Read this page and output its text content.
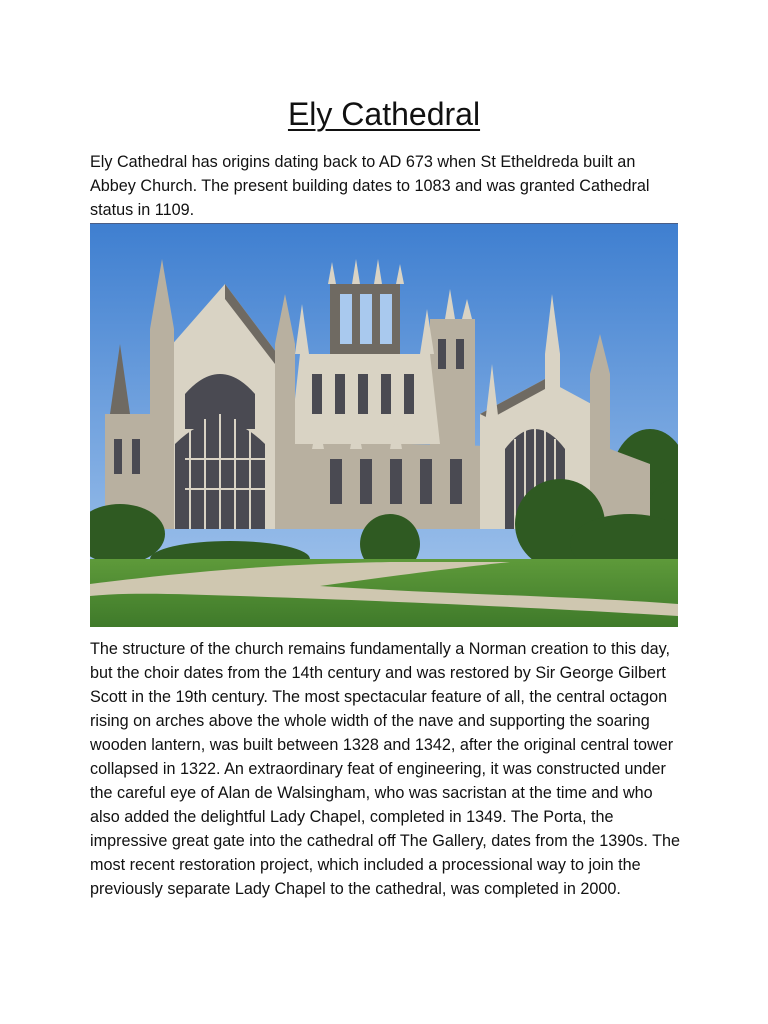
Ely Cathedral

Ely Cathedral has origins dating back to AD 673 when St Etheldreda built an Abbey Church. The present building dates to 1083 and was granted Cathedral status in 1109.

The structure of the church remains fundamentally a Norman creation to this day, but the choir dates from the 14th century and was restored by Sir George Gilbert Scott in the 19th century. The most spectacular feature of all, the central octagon rising on arches above the whole width of the nave and supporting the soaring wooden lantern, was built between 1328 and 1342, after the original central tower collapsed in 1322. An extraordinary feat of engineering, it was constructed under the careful eye of Alan de Walsingham, who was sacristan at the time and who also added the delightful Lady Chapel, completed in 1349. The Porta, the impressive great gate into the cathedral off The Gallery, dates from the 1390s. The most recent restoration project, which included a processional way to join the previously separate Lady Chapel to the cathedral, was completed in 2000.
